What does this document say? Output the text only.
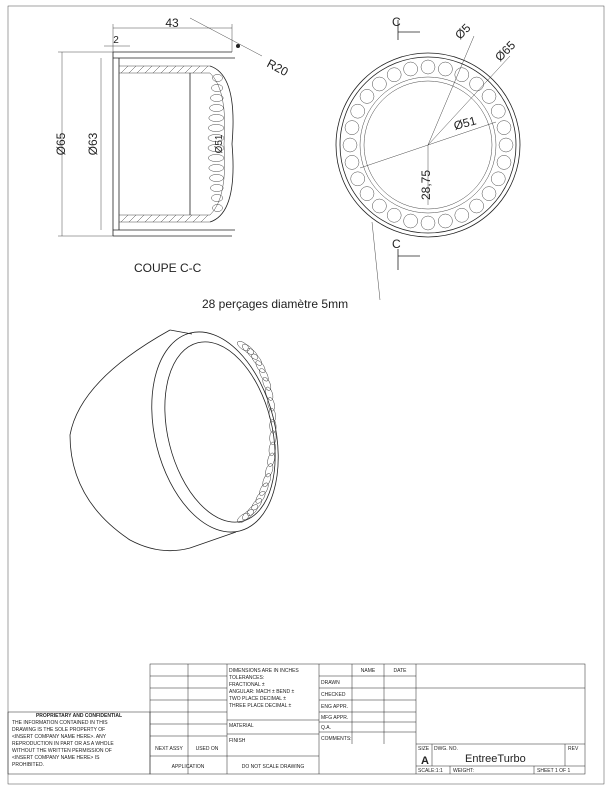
43
2
R20
Ø65 Ø63	Ø51
COUPE C-C
C
C
Ø5
Ø65
Ø51
28,75
28 perçages diamètre 5mm
PROPRIETARY AND CONFIDENTIAL
THE INFORMATION CONTAINED IN THIS
DRAWING IS THE SOLE PROPERTY OF
<INSERT COMPANY NAME HERE>. ANY
REPRODUCTION IN PART OR AS A WHOLE
WITHOUT THE WRITTEN PERMISSION OF
<INSERT COMPANY NAME HERE> IS
PROHIBITED.
NEXT ASSY	USED ON
APPLICATION
DIMENSIONS ARE IN INCHES
TOLERANCES:
FRACTIONAL ±
ANGULAR: MACH ± BEND ±
TWO PLACE DECIMAL ±
THREE PLACE DECIMAL ±
MATERIAL
FINISH
DO NOT SCALE DRAWING
NAME	DATE
DRAWN
CHECKED
ENG APPR.
MFG APPR.
Q.A.
COMMENTS:
SIZE
A
DWG. NO.
EntreeTurbo
REV
SCALE:1:1 WEIGHT:	SHEET 1 OF 1
